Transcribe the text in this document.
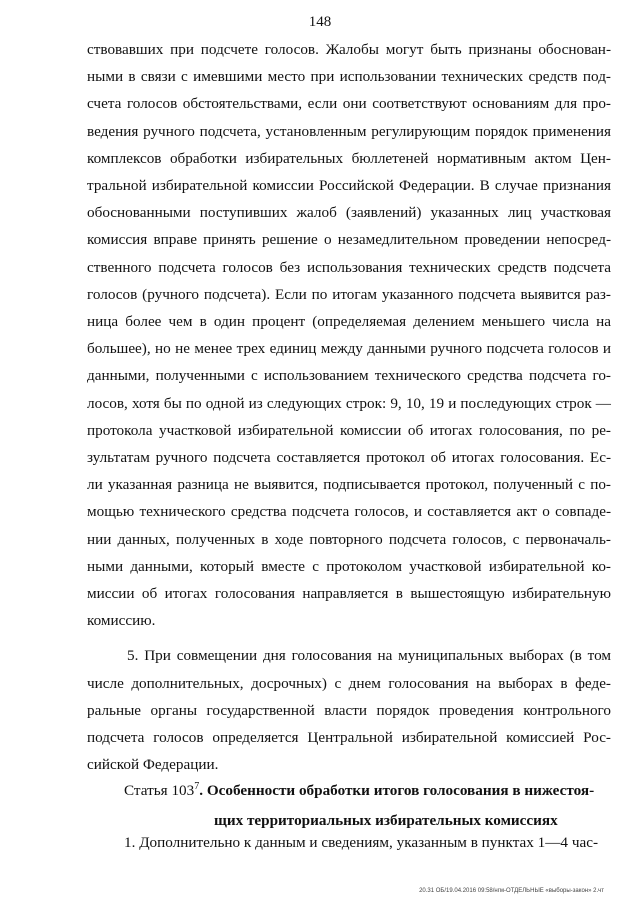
148
ствовавших при подсчете голосов. Жалобы могут быть признаны обоснован-
ными в связи с имевшими место при использовании технических средств под-
счета голосов обстоятельствами, если они соответствуют основаниям для про-
ведения ручного подсчета, установленным регулирующим порядок применения
комплексов обработки избирательных бюллетеней нормативным актом Цен-
тральной избирательной комиссии Российской Федерации. В случае признания
обоснованными поступивших жалоб (заявлений) указанных лиц участковая
комиссия вправе принять решение о незамедлительном проведении непосред-
ственного подсчета голосов без использования технических средств подсчета
голосов (ручного подсчета). Если по итогам указанного подсчета выявится раз-
ница более чем в один процент (определяемая делением меньшего числа на
большее), но не менее трех единиц между данными ручного подсчета голосов и
данными, полученными с использованием технического средства подсчета го-
лосов, хотя бы по одной из следующих строк: 9, 10, 19 и последующих строк —
протокола участковой избирательной комиссии об итогах голосования, по ре-
зультатам ручного подсчета составляется протокол об итогах голосования. Ес-
ли указанная разница не выявится, подписывается протокол, полученный с по-
мощью технического средства подсчета голосов, и составляется акт о совпаде-
нии данных, полученных в ходе повторного подсчета голосов, с первоначаль-
ными данными, который вместе с протоколом участковой избирательной ко-
миссии об итогах голосования направляется в вышестоящую избирательную
комиссию.
5. При совмещении дня голосования на муниципальных выборах (в том
числе дополнительных, досрочных) с днем голосования на выборах в феде-
ральные органы государственной власти порядок проведения контрольного
подсчета голосов определяется Центральной избирательной комиссией Рос-
сийской Федерации.
Статья $103^7$. Особенности обработки итогов голосования в нижестоя-
щих территориальных избирательных комиссиях
1. Дополнительно к данным и сведениям, указанным в пунктах 1—4 час-
20.31 ОБ/19.04.2016 09:58/нгм-ОТДЕЛЬНЫЕ «выборы-закон» 2.чт
